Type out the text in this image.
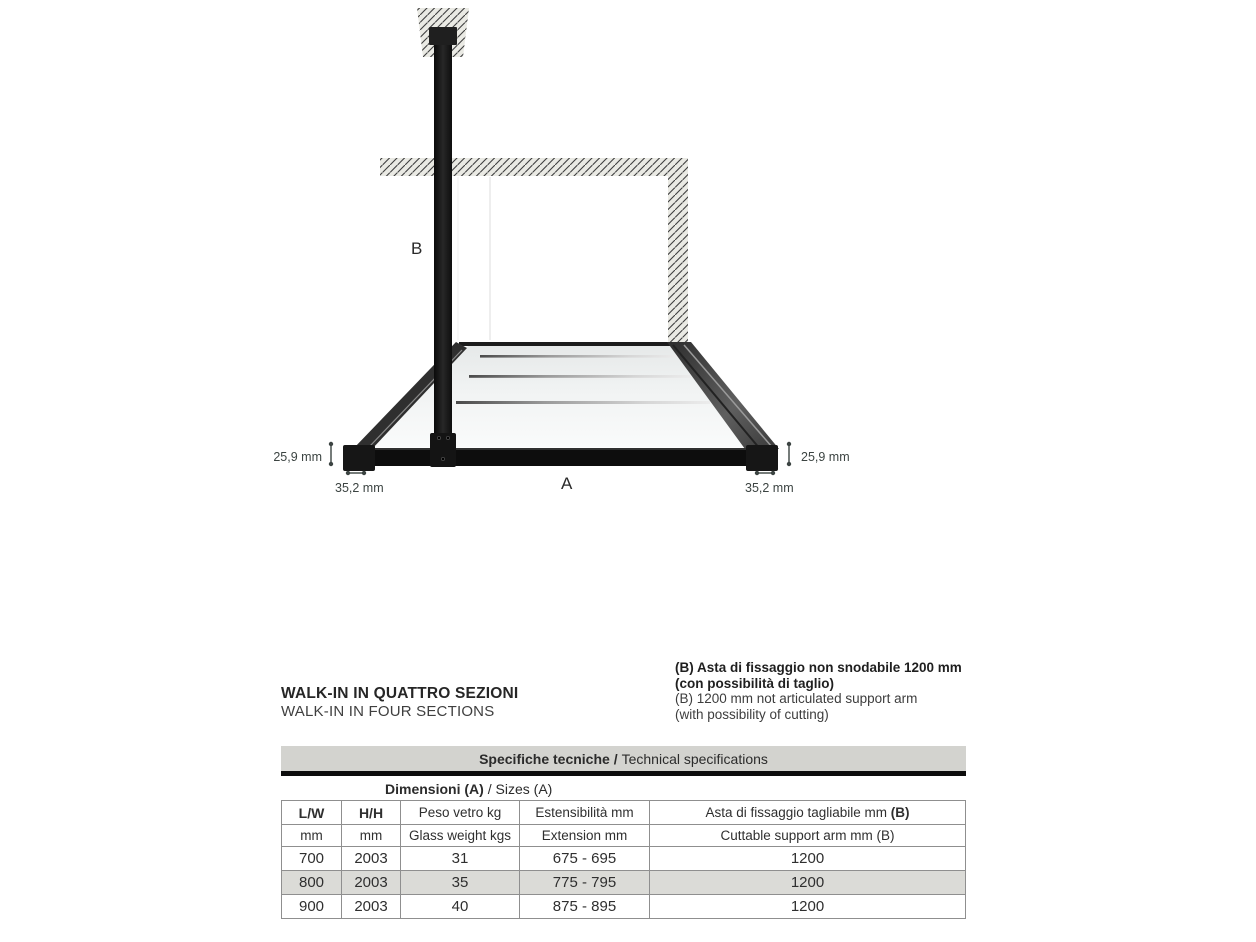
25,9 mm
35,2 mm
25,9 mm
35,2 mm
B
A
WALK-IN IN QUATTRO SEZIONI
WALK-IN IN FOUR SECTIONS
(B) Asta di fissaggio non snodabile 1200 mm
(con possibilità di taglio)
(B) 1200 mm not articulated support arm
(with possibility of cutting)
Specifiche tecniche / Technical specifications
Dimensioni (A) / Sizes (A)
L/W	H/H	Peso vetro kg	Estensibilità mm	Asta di fissaggio tagliabile mm (B)
mm	mm	Glass weight kgs	Extension mm	Cuttable support arm mm (B)
700	2003	31	675 - 695	1200
800	2003	35	775 - 795	1200
900	2003	40	875 - 895	1200
